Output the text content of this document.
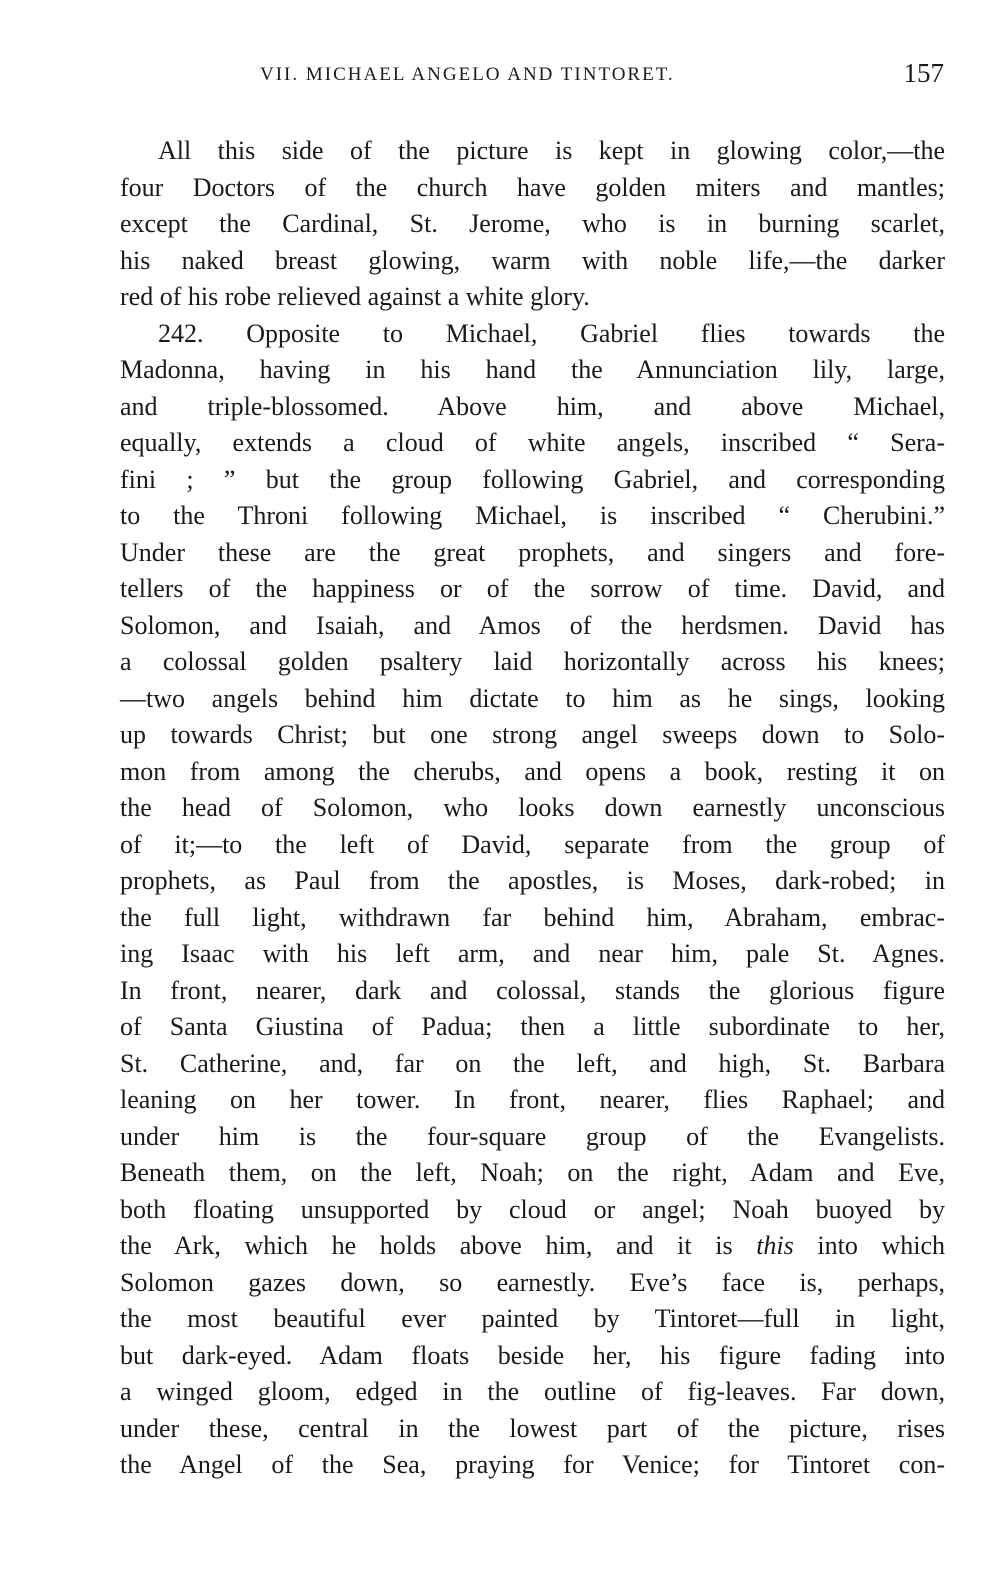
VII. MICHAEL ANGELO AND TINTORET.	157
All this side of the picture is kept in glowing color,—the
four Doctors of the church have golden miters and mantles;
except the Cardinal, St. Jerome, who is in burning scarlet,
his naked breast glowing, warm with noble life,—the darker
red of his robe relieved against a white glory.
242. Opposite to Michael, Gabriel flies towards the
Madonna, having in his hand the Annunciation lily, large,
and triple-blossomed. Above him, and above Michael,
equally, extends a cloud of white angels, inscribed “ Sera-
fini ; ” but the group following Gabriel, and corresponding
to the Throni following Michael, is inscribed “ Cherubini.”
Under these are the great prophets, and singers and fore-
tellers of the happiness or of the sorrow of time. David, and
Solomon, and Isaiah, and Amos of the herdsmen. David has
a colossal golden psaltery laid horizontally across his knees;
—two angels behind him dictate to him as he sings, looking
up towards Christ; but one strong angel sweeps down to Solo-
mon from among the cherubs, and opens a book, resting it on
the head of Solomon, who looks down earnestly unconscious
of it;—to the left of David, separate from the group of
prophets, as Paul from the apostles, is Moses, dark-robed; in
the full light, withdrawn far behind him, Abraham, embrac-
ing Isaac with his left arm, and near him, pale St. Agnes.
In front, nearer, dark and colossal, stands the glorious figure
of Santa Giustina of Padua; then a little subordinate to her,
St. Catherine, and, far on the left, and high, St. Barbara
leaning on her tower. In front, nearer, flies Raphael; and
under him is the four-square group of the Evangelists.
Beneath them, on the left, Noah; on the right, Adam and Eve,
both floating unsupported by cloud or angel; Noah buoyed by
the Ark, which he holds above him, and it is this into which
Solomon gazes down, so earnestly. Eve’s face is, perhaps,
the most beautiful ever painted by Tintoret—full in light,
but dark-eyed. Adam floats beside her, his figure fading into
a winged gloom, edged in the outline of fig-leaves. Far down,
under these, central in the lowest part of the picture, rises
the Angel of the Sea, praying for Venice; for Tintoret con-
